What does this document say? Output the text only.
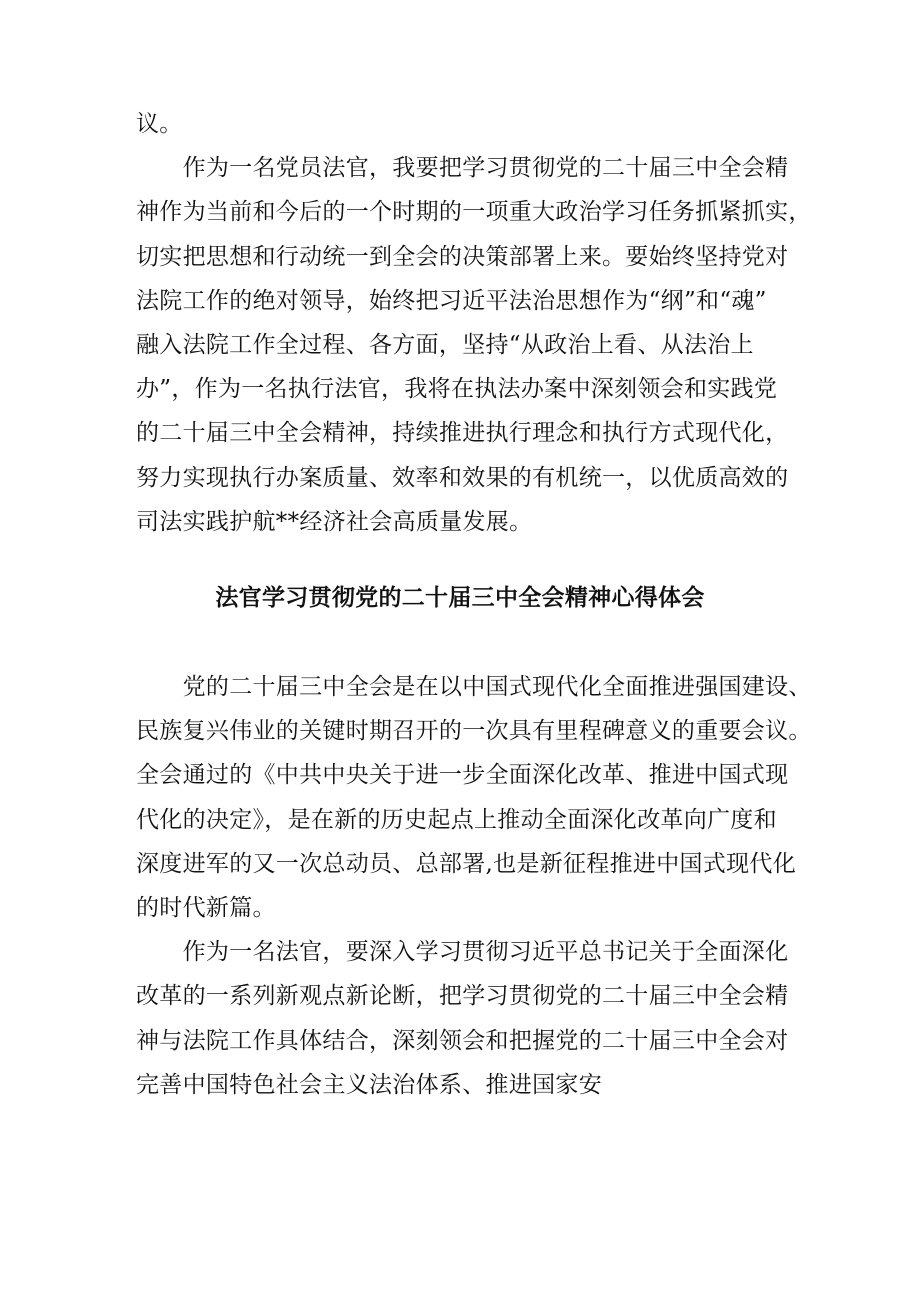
议。
　　作为一名党员法官，我要把学习贯彻党的二十届三中全会精
神作为当前和今后的一个时期的一项重大政治学习任务抓紧抓实，
切实把思想和行动统一到全会的决策部署上来。要始终坚持党对
法院工作的绝对领导，始终把习近平法治思想作为“纲”和“魂”
融入法院工作全过程、各方面，坚持“从政治上看、从法治上
办”，作为一名执行法官，我将在执法办案中深刻领会和实践党
的二十届三中全会精神，持续推进执行理念和执行方式现代化，
努力实现执行办案质量、效率和效果的有机统一，以优质高效的
司法实践护航**经济社会高质量发展。
法官学习贯彻党的二十届三中全会精神心得体会
　　党的二十届三中全会是在以中国式现代化全面推进强国建设、
民族复兴伟业的关键时期召开的一次具有里程碑意义的重要会议。
全会通过的《中共中央关于进一步全面深化改革、推进中国式现
代化的决定》，是在新的历史起点上推动全面深化改革向广度和
深度进军的又一次总动员、总部署,也是新征程推进中国式现代化
的时代新篇。
　　作为一名法官，要深入学习贯彻习近平总书记关于全面深化
改革的一系列新观点新论断，把学习贯彻党的二十届三中全会精
神与法院工作具体结合，深刻领会和把握党的二十届三中全会对
完善中国特色社会主义法治体系、推进国家安
